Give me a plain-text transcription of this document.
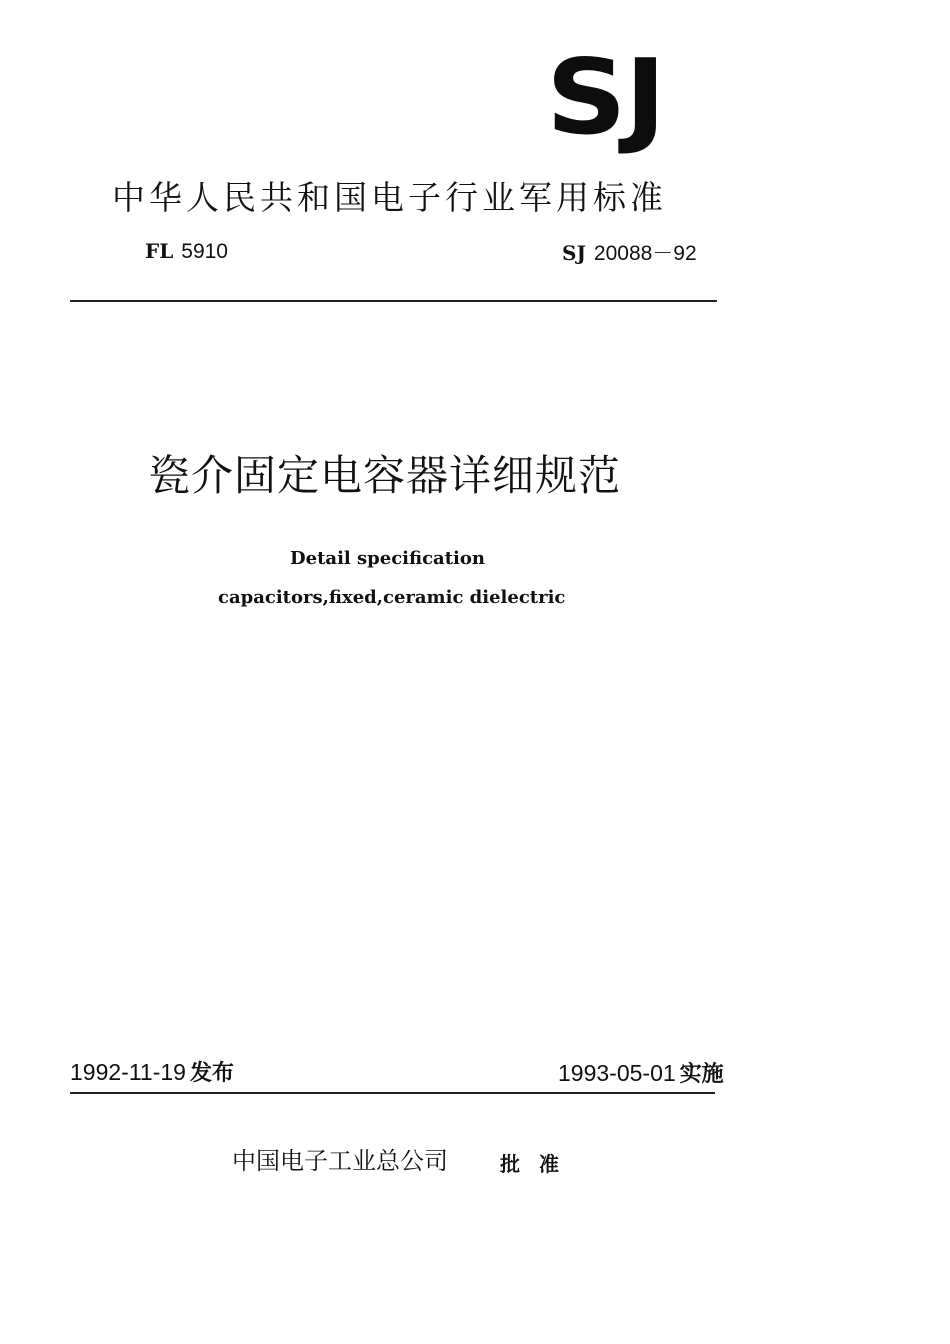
SJ
中华人民共和国电子行业军用标准
FL 5910	SJ 20088－92
瓷介固定电容器详细规范
Detail specification
capacitors,fixed,ceramic dielectric
1992-11-19 发布	1993-05-01 实施
中国电子工业总公司	批 准
